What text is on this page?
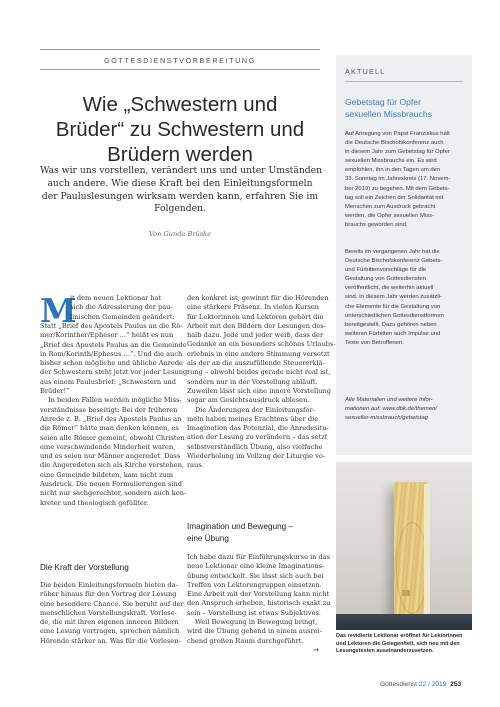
GOTTESDIENSTVORBEREITUNG
Wie „Schwestern und
Brüder“ zu Schwestern und
Brüdern werden
Was wir uns vorstellen, verändert uns und unter Umständen
auch andere. Wie diese Kraft bei den Einleitungsformeln
der Pauluslesungen wirksam werden kann, erfahren Sie im
Folgenden.
Von Gunda Brüske
M
it dem neuen Lektionar hat
sich die Adressierung der pau-
linischen Gemeinden geändert:
Statt „Brief des Apostels Paulus an die Rö-
mer/Korinther/Epheser …“ heißt es nun
„Brief des Apostels Paulus an die Gemeinde
in Rom/Korinth/Ephesus …“. Und die auch
bisher schon mögliche und übliche Anrede
der Schwestern steht jetzt vor jeder Lesung
aus einem Paulusbrief: „Schwestern und
Brüder!“
In beiden Fällen werden mögliche Miss-
verständnisse beseitigt: Bei der früheren
Anrede z. B. „Brief des Apostels Paulus an
die Römer“ hätte man denken können, es
seien alle Römer gemeint, obwohl Christen
eine verschwindende Minderheit waren,
und es seien nur Männer angeredet. Dass
die Angeredeten sich als Kirche verstehen,
eine Gemeinde bildeten, kam nicht zum
Ausdruck. Die neuen Formulierungen sind
nicht nur sachgerechter, sondern auch kon-
kreter und theologisch gefüllter.
Die Kraft der Vorstellung
Die beiden Einleitungsformeln bieten da-
rüber hinaus für den Vortrag der Lesung
eine besondere Chance. Sie beruht auf der
menschlichen Vorstellungskraft. Vorlese-
de, die mit ihren eigenen inneren Bildern
eine Lesung vortragen, sprechen nämlich
Hörende stärker an. Was für die Vorlesen-
den konkret ist, gewinnt für die Hörenden
eine stärkere Präsenz. In vielen Kursen
für Lektorinnen und Lektoren gehört die
Arbeit mit den Bildern der Lesungen des-
halb dazu. Jede und jeder weiß, dass der
Gedanke an ein besonders schönes Urlaubs-
erlebnis in eine andere Stimmung versetzt
als der an die auszufüllende Steuererklä-
rung – obwohl beides gerade nicht real ist,
sondern nur in der Vorstellung abläuft.
Zuweilen lässt sich eine innere Vorstellung
sogar am Gesichtsausdruck ablesen.
Die Änderungen der Einleitungsfor-
meln haben meines Erachtens über die
Imagination das Potenzial, die Anredesitu-
ation der Lesung zu verändern – das setzt
selbstverständlich Übung, also vielfache
Wiederholung im Vollzug der Liturgie vo-
raus.
Imagination und Bewegung –
eine Übung
Ich habe dazu für Einführungskurse in das
neue Lektionar eine kleine Imaginations-
übung entwickelt. Sie lässt sich auch bei
Treffen von Lektorengruppen einsetzen.
Eine Arbeit mit der Vorstellung kann nicht
den Anspruch erheben, historisch exakt zu
sein – Vorstellung ist etwas Subjektives.
Weil Bewegung in Bewegung bringt,
wird die Übung gehend in einem ausrei-
chend großen Raum durchgeführt.
→
AKTUELL
Gebetstag für Opfer
sexuellen Missbrauchs
Auf Anregung von Papst Franziskus hält
die Deutsche Bischofskonferenz auch
in diesem Jahr zum Gebetstag für Opfer
sexuellen Missbrauchs ein. Es wird
empfohlen, ihn in den Tagen um den
33. Sonntag im Jahreskreis (17. Novem-
ber 2019) zu begehen. Mit dem Gebets-
tag soll ein Zeichen der Solidarität mit
Menschen zum Ausdruck gebracht
werden, die Opfer sexuellen Miss-
brauchs geworden sind.
Bereits im vergangenen Jahr hat die
Deutsche Bischofskonferenz Gebets-
und Fürbittenvorschläge für die
Gestaltung von Gottesdiensten
veröffentlicht, die weiterhin aktuell
sind. In diesem Jahr werden zusätzli-
che Elemente für die Gestaltung von
unterschiedlichen Gottesdienstformen
bereitgestellt. Dazu gehören neben
weiteren Fürbitten auch Impulse und
Texte von Betroffenen.
Alle Materialien und weitere Infor-
mationen auf: www.dbk.de/themen/
sexueller-missbrauch/gebetstag
Das revidierte Lektionar eröffnet für Lektorinnen
und Lektoren die Gelegenheit, sich neu mit den
Lesungstexten auseinanderzusetzen.
Gottesdienst 22 / 2019 253
